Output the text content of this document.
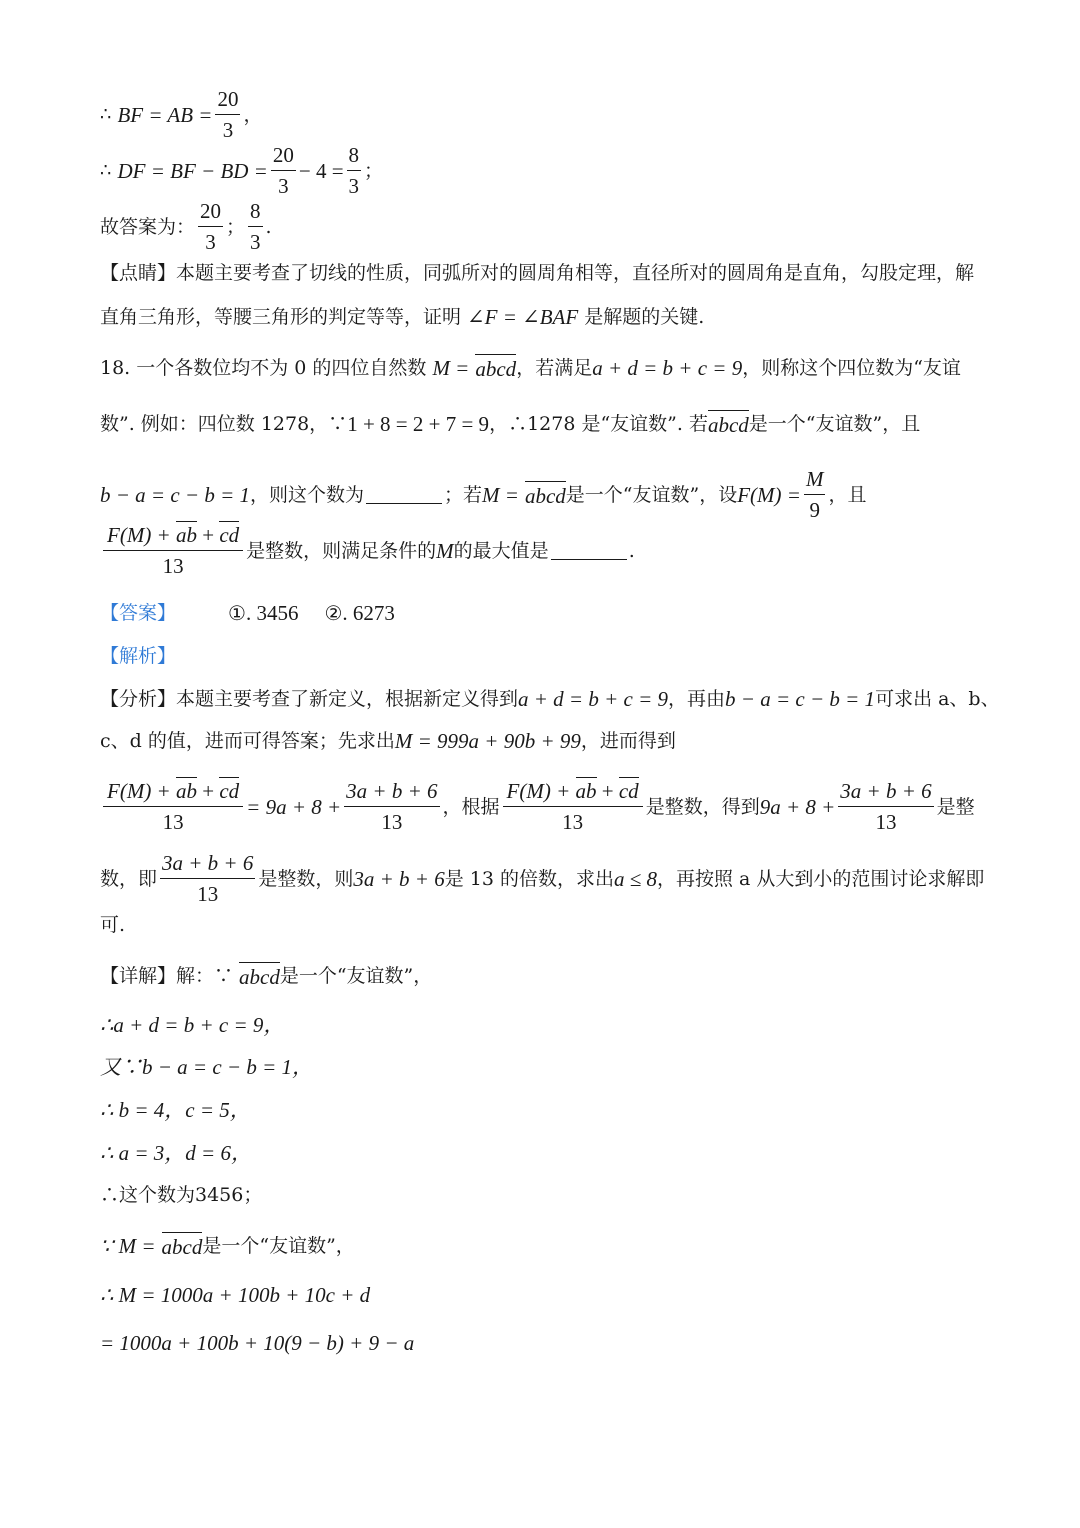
∴ BF = AB = $\frac{20}{3}$ ，
∴ DF = BF − BD = $\frac{20}{3} - 4 = \frac{8}{3}$ ；
故答案为： $\frac{20}{3}$ ； $\frac{8}{3}$ .
【点睛】本题主要考查了切线的性质，同弧所对的圆周角相等，直径所对的圆周角是直角，勾股定理，解
直角三角形，等腰三角形的判定等等，证明 ∠F = ∠BAF 是解题的关键.
18. 一个各数位均不为 0 的四位自然数 M = abcd ，若满足 a + d = b + c = 9 ，则称这个四位数为“友谊
数”. 例如：四位数 1278，∵ 1 + 8 = 2 + 7 = 9 ，∴1278 是“友谊数”. 若 abcd 是一个“友谊数”，且
b − a = c − b = 1 ，则这个数为	；若 M = abcd 是一个“友谊数”，设 $F(M) = \frac{M}{9}$ ，且
$\frac{F(M) + ab + cd}{13}$ 是整数，则满足条件的 M 的最大值是	.
【答案】	① . 3456 ② . 6273
【解析】
【分析】本题主要考查了新定义，根据新定义得到 a + d = b + c = 9 ，再由 b − a = c − b = 1 可求出 a、b、
c、d 的值，进而可得答案；先求出 M = 999a + 90b + 99 ，进而得到
$\frac{F(M) + ab + cd}{13} = 9a + 8 + \frac{3a + b + 6}{13}$ ，根据 $\frac{F(M) + ab + cd}{13}$ 是整数，得到 $9a + 8 + \frac{3a + b + 6}{13}$ 是整
数，即 $\frac{3a + b + 6}{13}$ 是整数，则 3a + b + 6 是 13 的倍数，求出 a ≤ 8 ，再按照 a 从大到小的范围讨论求解即
可.
【详解】解：∵ abcd 是一个“友谊数”，
∴a + d = b + c = 9，
又∵b − a = c − b = 1，
∴ b = 4，c = 5，
∴ a = 3，d = 6，
∴这个数为3456；
∵ M = abcd 是一个“友谊数”，
∴ M = 1000a + 100b + 10c + d
= 1000a + 100b + 10(9 − b) + 9 − a
